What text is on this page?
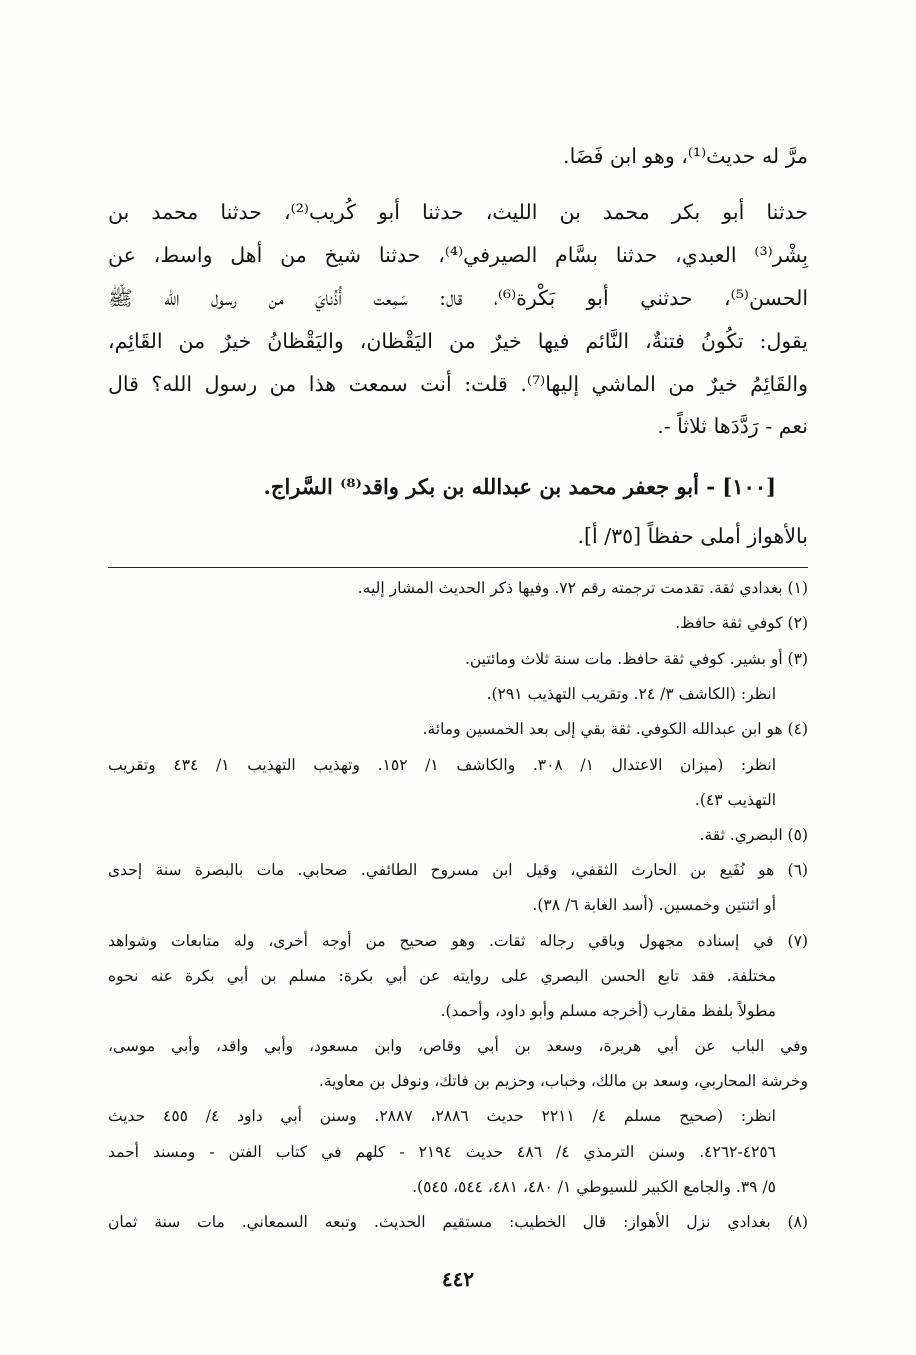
مرَّ له حديث⁽¹⁾، وهو ابن فَضَا.
حدثنا أبو بكر محمد بن الليث، حدثنا أبو كُريب⁽²⁾، حدثنا محمد بن
بِشْر⁽³⁾ العبدي، حدثنا بسَّام الصيرفي⁽⁴⁾، حدثنا شيخ من أهل واسط، عن
الحسن⁽⁵⁾، حدثني أبو بَكْرة⁽⁶⁾، قال: سَمِعت أُذُنايَ من رسول الله ﷺ
يقول: تكُونُ فتنةٌ، النَّائم فيها خيرٌ من اليَقْظان، واليَقْظانُ خيرٌ من القَائِم،
والقَائِمُ خيرٌ من الماشي إليها⁽⁷⁾. قلت: أنت سمعت هذا من رسول الله؟ قال
نعم - رَدَّدَها ثلاثاً -.
[١٠٠] - أبو جعفر محمد بن عبدالله بن بكر واقد⁽⁸⁾ السَّراج.
بالأهواز أملى حفظاً [٣٥/ أ].
(١) بغدادي ثقة. تقدمت ترجمته رقم ٧٢. وفيها ذكر الحديث المشار إليه.
(٢) كوفي ثقة حافظ.
(٣) أو بشير. كوفي ثقة حافظ. مات سنة ثلاث ومائتين.
انظر: (الكاشف ٣/ ٢٤. وتقريب التهذيب ٢٩١).
(٤) هو ابن عبدالله الكوفي. ثقة بقي إلى بعد الخمسين ومائة.
انظر: (ميزان الاعتدال ١/ ٣٠٨. والكاشف ١/ ١٥٢. وتهذيب التهذيب ١/ ٤٣٤ وتقريب
التهذيب ٤٣).
(٥) البصري. ثقة.
(٦) هو نُفَيع بن الحارث الثقفي، وقيل ابن مسروح الطائفي. صحابي. مات بالبصرة سنة إحدى
أو اثنتين وخمسين. (أسد الغابة ٦/ ٣٨).
(٧) في إسناده مجهول وباقي رجاله ثقات. وهو صحيح من أوجه أخرى، وله متابعات وشواهد
مختلفة. فقد تابع الحسن البصري على روايته عن أبي بكرة: مسلم بن أبي بكرة عنه نحوه
مطولاً بلفظ مقارب (أخرجه مسلم وأبو داود، وأحمد).
وفي الباب عن أبي هريرة، وسعد بن أبي وقاص، وابن مسعود، وأبي واقد، وأبي موسى،
وخرشة المحاربي، وسعد بن مالك، وخباب، وحزيم بن فاتك، ونوفل بن معاوية.
انظر: (صحيح مسلم ٤/ ٢٢١١ حديث ٢٨٨٦، ٢٨٨٧. وسنن أبي داود ٤/ ٤٥٥ حديث
٤٢٥٦-٤٢٦٢. وسنن الترمذي ٤/ ٤٨٦ حديث ٢١٩٤ - كلهم في كتاب الفتن - ومسند أحمد
٥/ ٣٩. والجامع الكبير للسيوطي ١/ ٤٨٠، ٤٨١، ٥٤٤، ٥٤٥).
(٨) بغدادي نزل الأهواز: قال الخطيب: مستقيم الحديث. وتبعه السمعاني. مات سنة ثمان
٤٤٢
